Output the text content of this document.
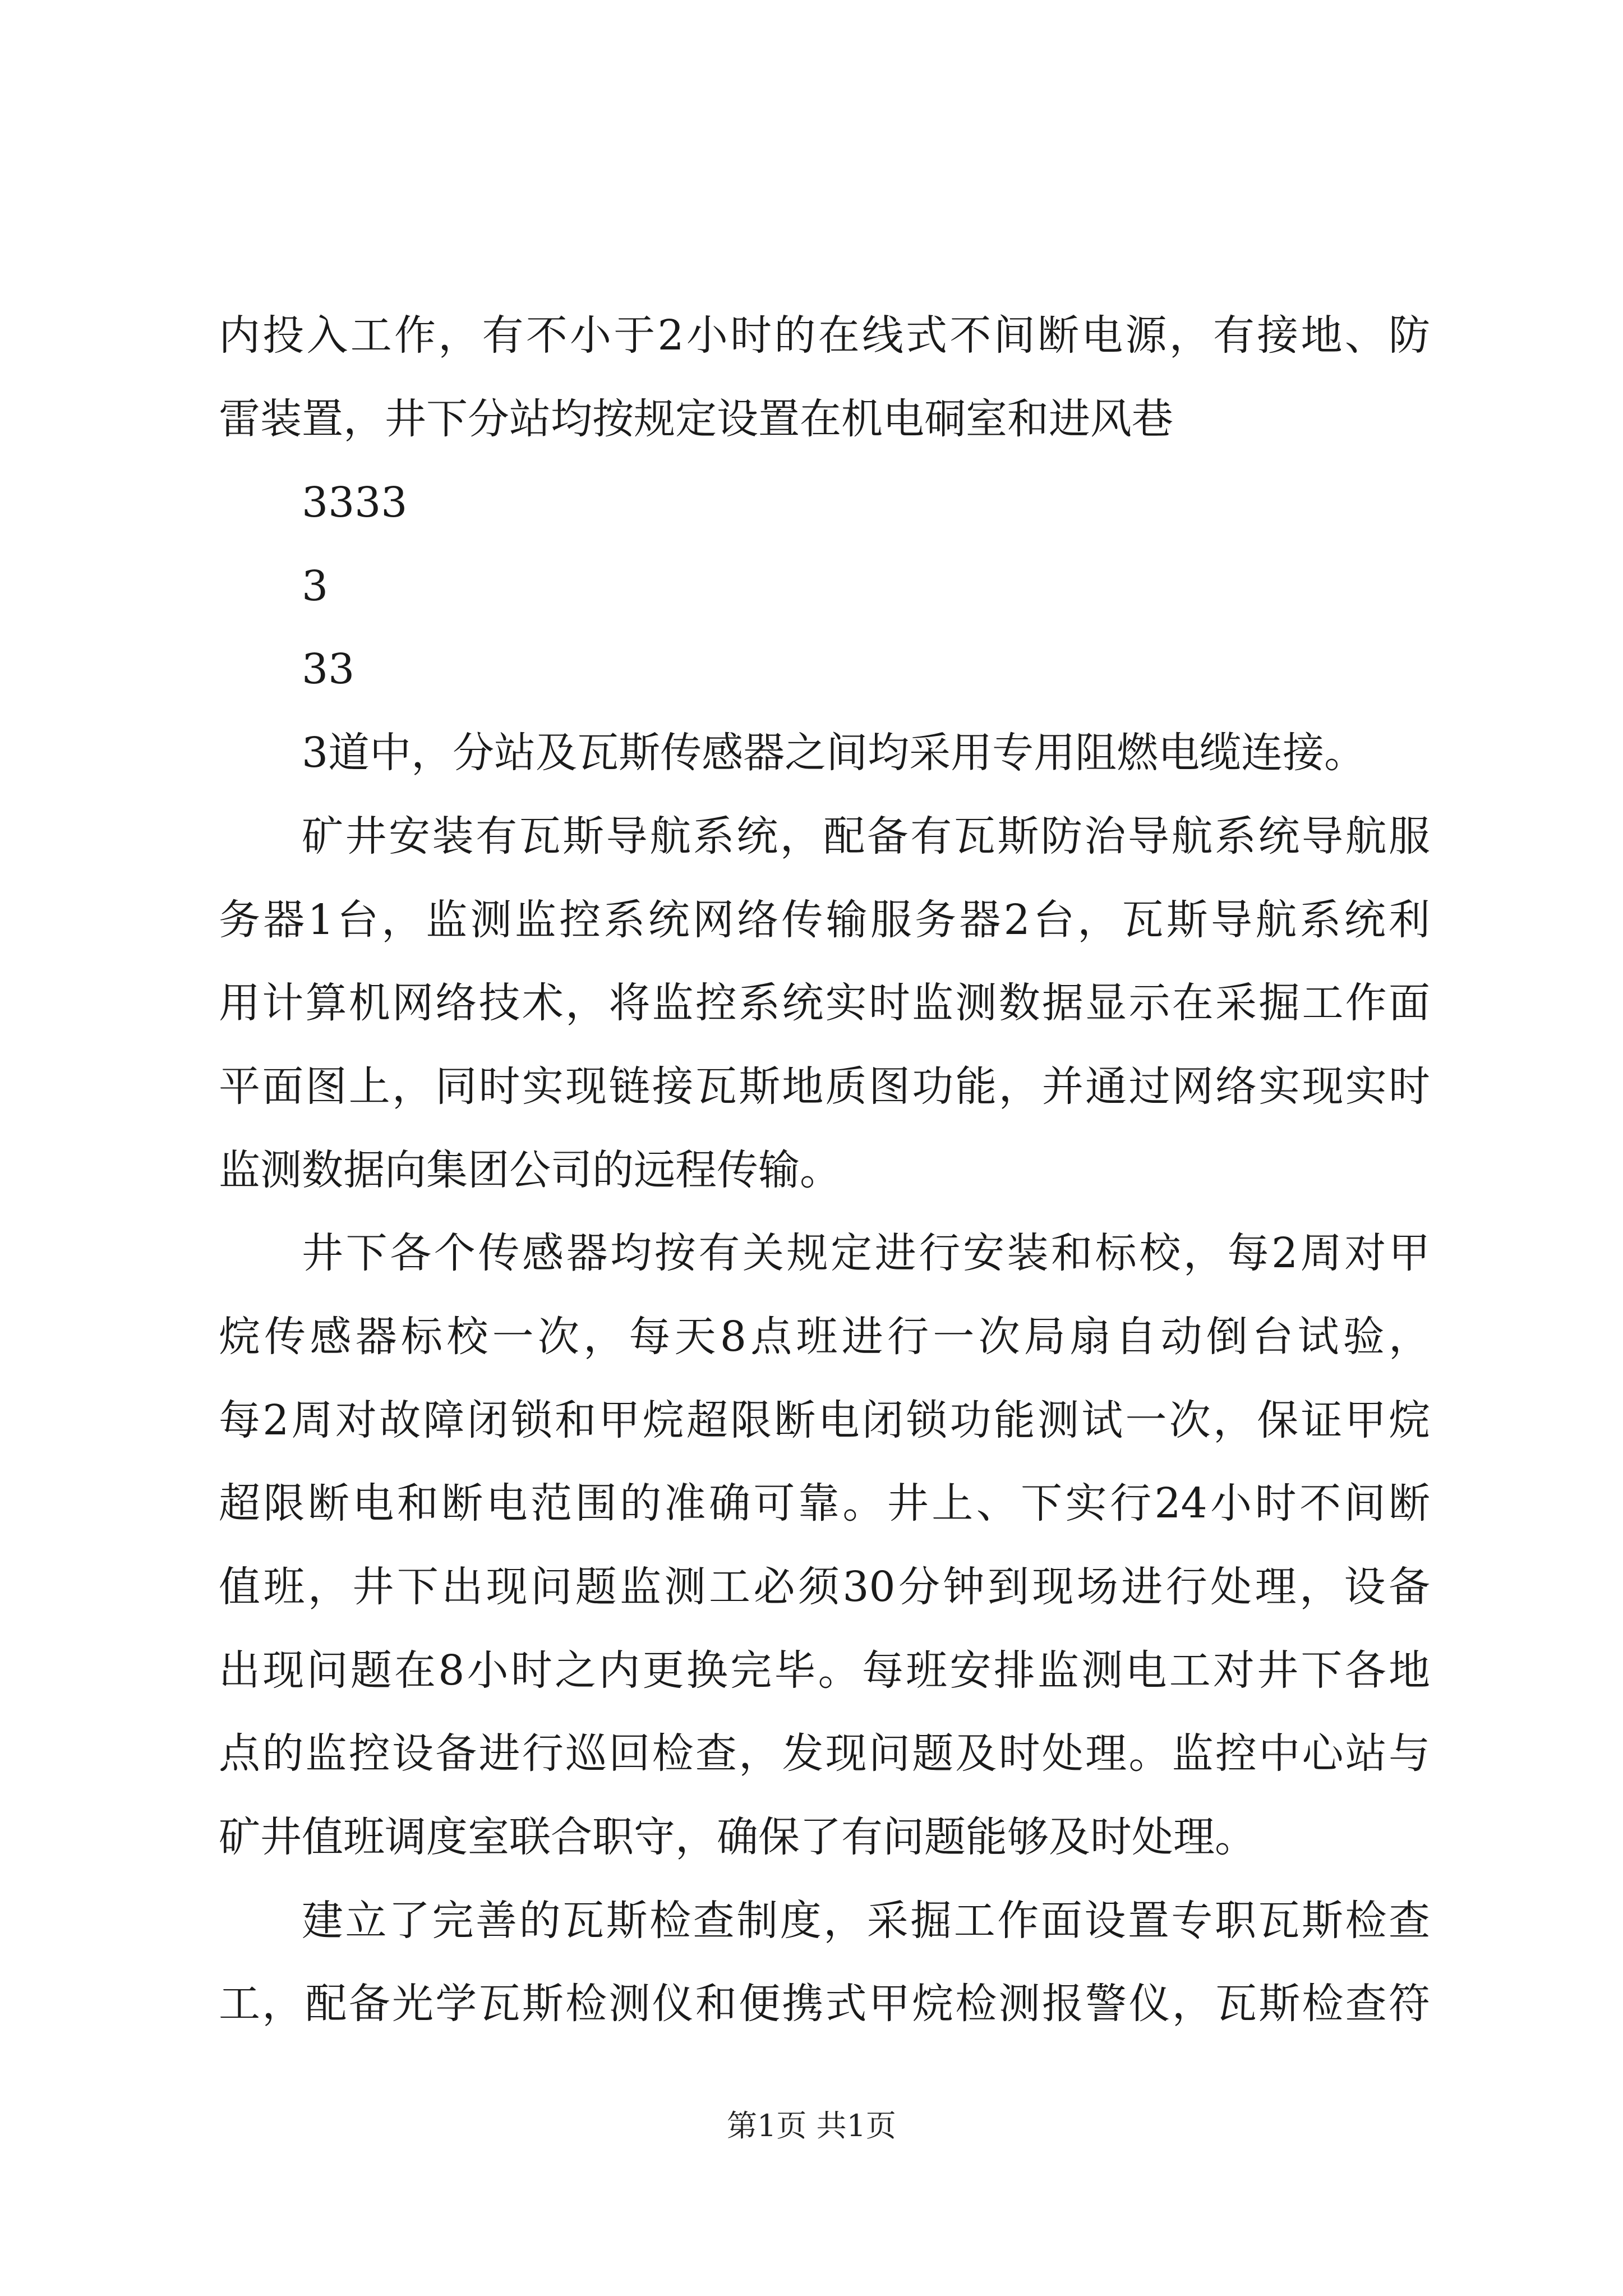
内投入工作，有不小于2小时的在线式不间断电源，有接地、防

雷装置，井下分站均按规定设置在机电硐室和进风巷

3333

3

33

3道中，分站及瓦斯传感器之间均采用专用阻燃电缆连接。

矿井安装有瓦斯导航系统，配备有瓦斯防治导航系统导航服

务器1台，监测监控系统网络传输服务器2台，瓦斯导航系统利

用计算机网络技术，将监控系统实时监测数据显示在采掘工作面

平面图上，同时实现链接瓦斯地质图功能，并通过网络实现实时

监测数据向集团公司的远程传输。

井下各个传感器均按有关规定进行安装和标校，每2周对甲

烷传感器标校一次，每天8点班进行一次局扇自动倒台试验，

每2周对故障闭锁和甲烷超限断电闭锁功能测试一次，保证甲烷

超限断电和断电范围的准确可靠。井上、下实行24小时不间断

值班，井下出现问题监测工必须30分钟到现场进行处理，设备

出现问题在8小时之内更换完毕。每班安排监测电工对井下各地

点的监控设备进行巡回检查，发现问题及时处理。监控中心站与

矿井值班调度室联合职守，确保了有问题能够及时处理。

建立了完善的瓦斯检查制度，采掘工作面设置专职瓦斯检查

工，配备光学瓦斯检测仪和便携式甲烷检测报警仪，瓦斯检查符

第1页 共1页
